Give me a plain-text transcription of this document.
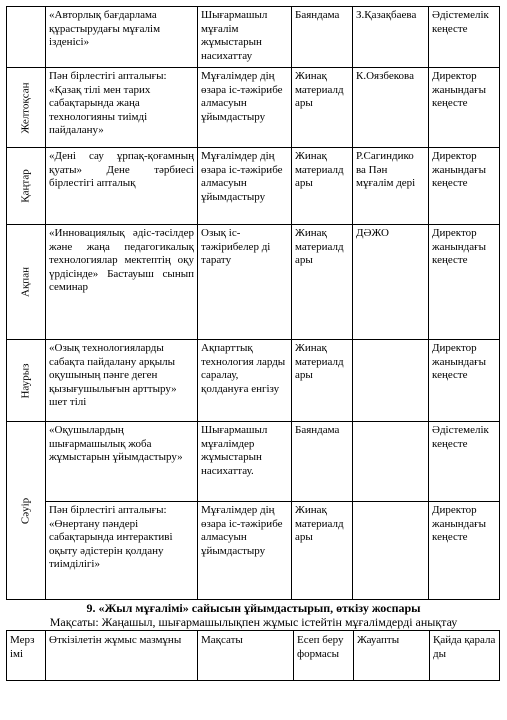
	«Авторлық бағдарлама құрастырудағы мұғалім ізденісі»	Шығармашыл мұғалім жұмыстарын насихаттау	Баяндама	З.Қазақбаева	Әдістемелік кеңесте

Желтоқсан	Пән бірлестігі апталығы: «Қазақ тілі мен тарих сабақтарында жаңа технологияны тиімді пайдалану»	Мұғалімдер дің өзара іс-тәжірибе алмасуын ұйымдастыру	Жинақ материалд ары	К.Оязбекова	Директор жанындағы кеңесте

Қаңтар	«Дені сау ұрпақ-қоғамның қуаты» Дене тәрбиесі бірлестігі апталық	Мұғалімдер дің өзара іс-тәжірибе алмасуын ұйымдастыру	Жинақ материалд ары	Р.Сагиндико ва Пән мұғалім дері	Директор жанындағы кеңесте

Ақпан	«Инновациялық әдіс-тәсілдер және жаңа педагогикалық технологиялар мектептің оқу үрдісінде» Бастауыш сынып семинар	Озық іс-тәжірибелер ді тарату	Жинақ материалд ары	ДӘЖО	Директор жанындағы кеңесте

Наурыз	«Озық технологияларды сабақта пайдалану арқылы оқушының пәнге деген қызығушылығын арттыру» шет тілі	Ақпарттық технология ларды саралау, қолдануға енгізу	Жинақ материалд ары		Директор жанындағы кеңесте

Сәуір	«Оқушылардың шығармашылық жоба жұмыстарын ұйымдастыру»	Шығармашыл мұғалімдер жұмыстарын насихаттау.	Баяндама		Әдістемелік кеңесте
	Пән бірлестігі апталығы: «Өнертану пәндері сабақтарында интерактиві оқыту әдістерін қолдану тиімділігі»	Мұғалімдер дің өзара іс-тәжірибе алмасуын ұйымдастыру	Жинақ материалд ары		Директор жанындағы кеңесте
9. «Жыл мұғалімі» сайысын ұйымдастырып, өткізу жоспары
Мақсаты: Жаңашыл, шығармашылықпен жұмыс істейтін мұғалімдерді анықтау
Мерз імі	Өткізілетін жұмыс мазмұны	Мақсаты	Есеп беру формасы	Жауапты	Қайда қарала ды
